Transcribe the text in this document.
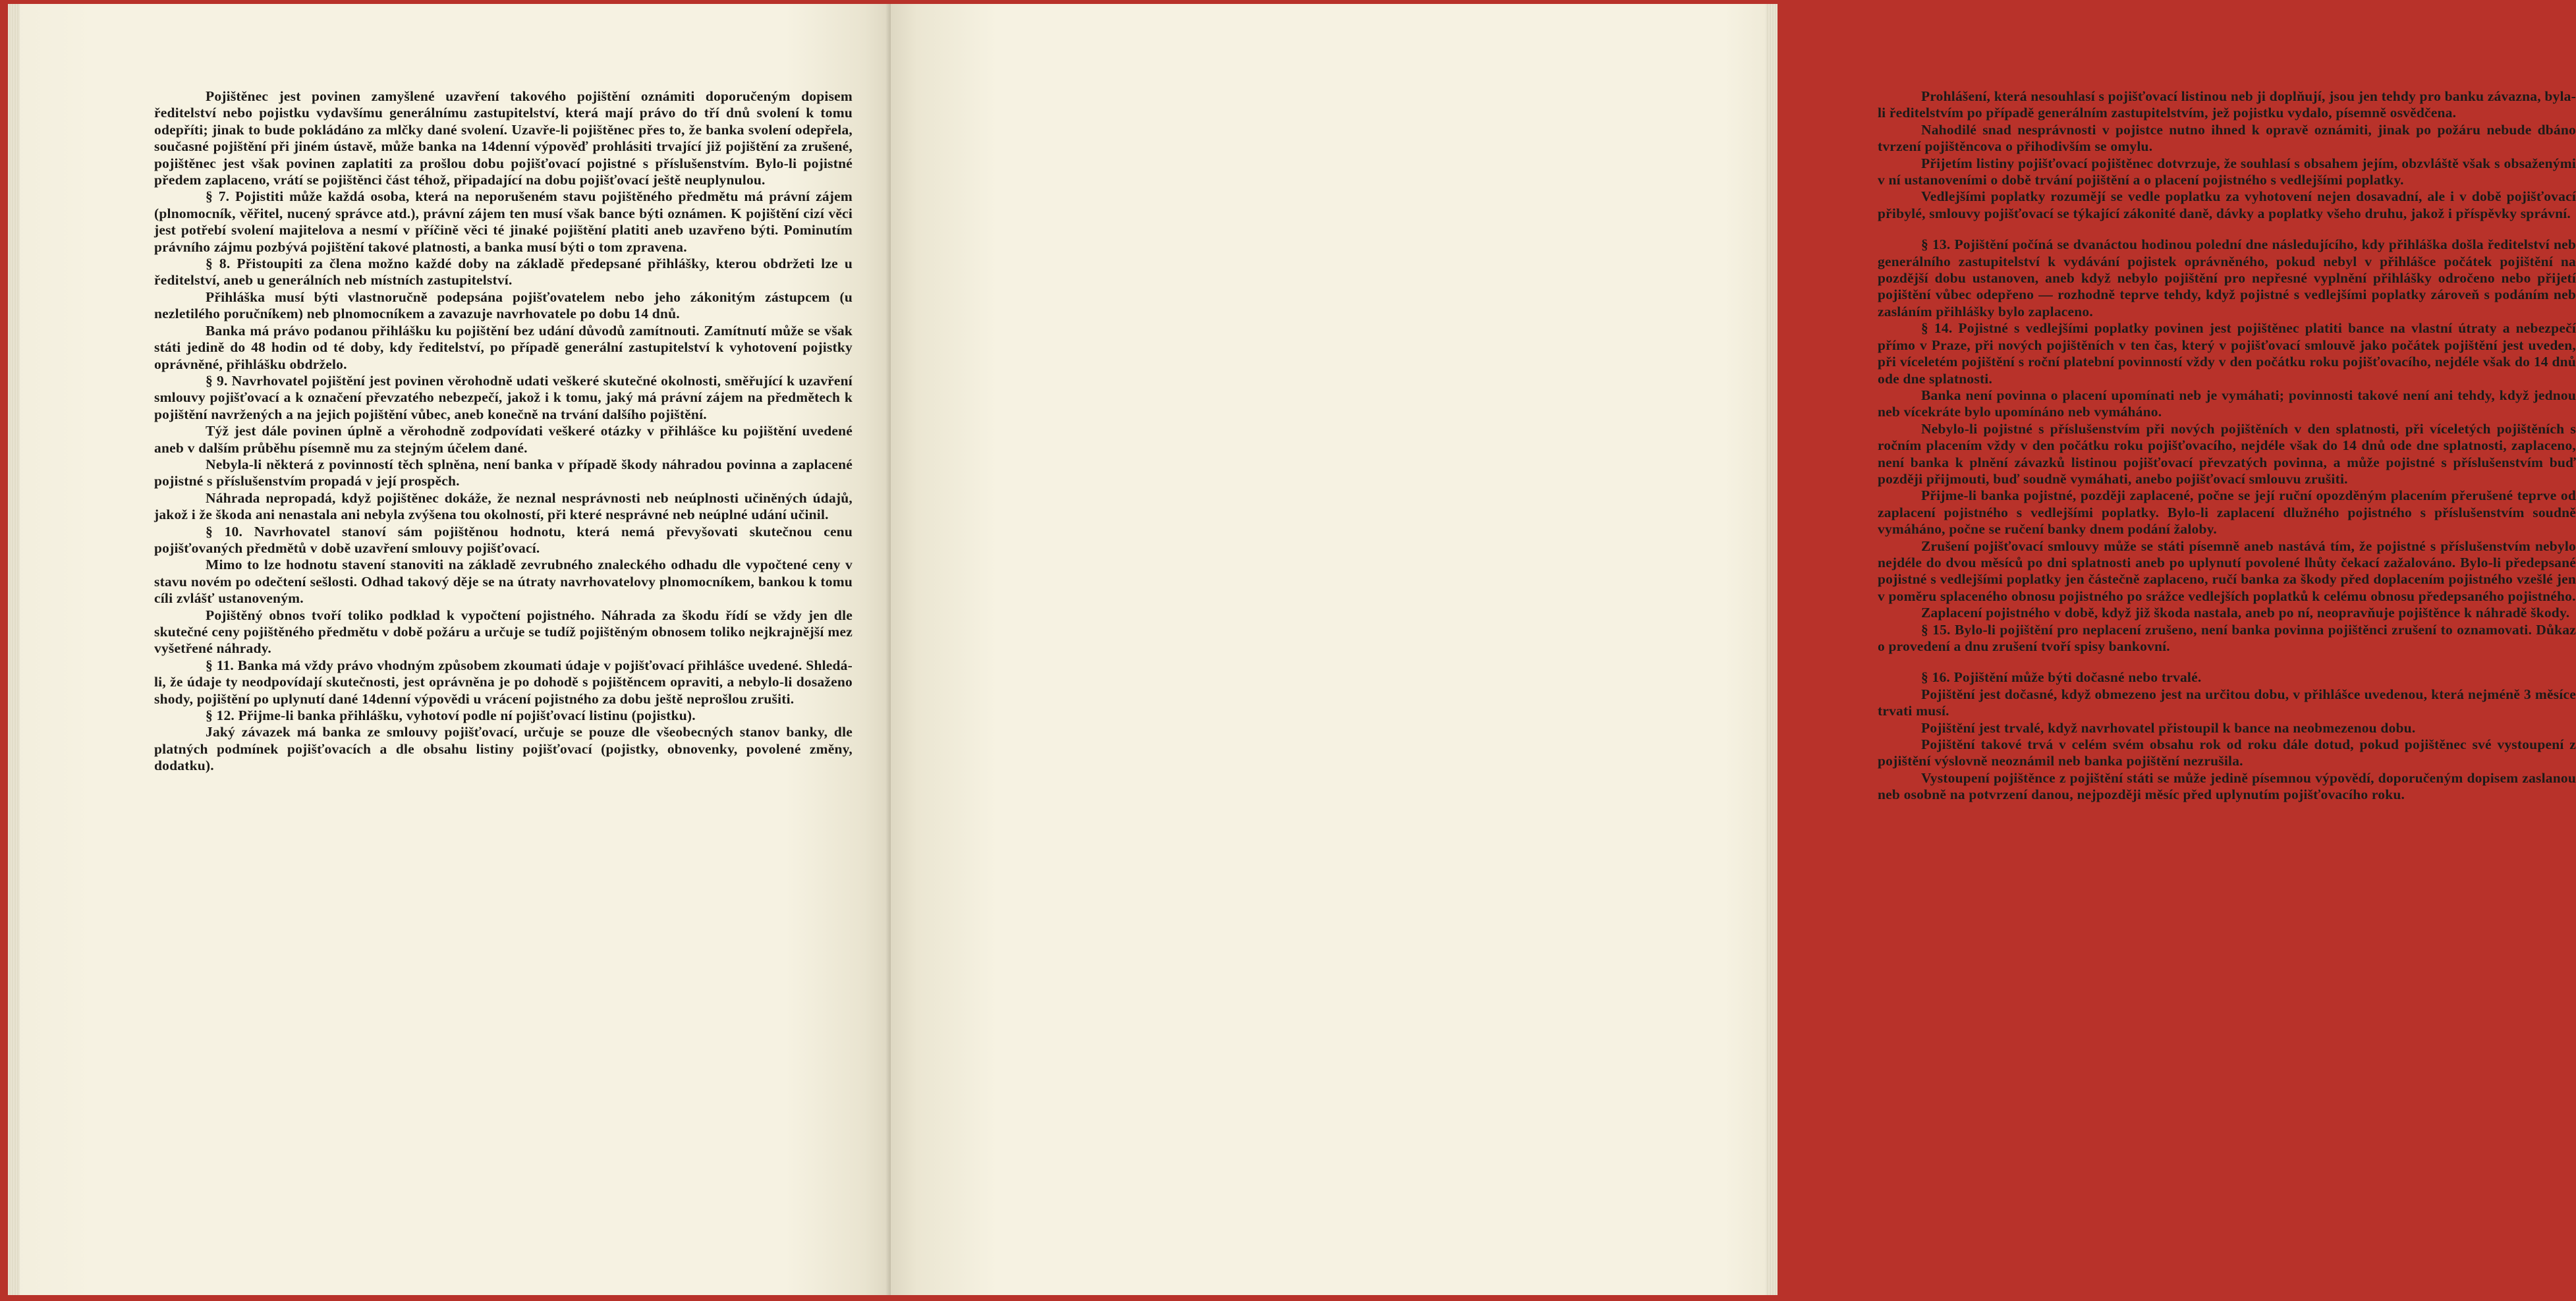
Pojištěnec jest povinen zamyšlené uzavření takového pojištění oznámiti doporučeným dopisem ředitelství nebo pojistku vydavšímu generálnímu zastupitelství, která mají právo do tří dnů svolení k tomu odepříti; jinak to bude pokládáno za mlčky dané svolení. Uzavře-li pojištěnec přes to, že banka svolení odepřela, současné pojištění při jiném ústavě, může banka na 14denní výpověď prohlásiti trvající již pojištění za zrušené, pojištěnec jest však povinen zaplatiti za prošlou dobu pojišťovací pojistné s příslušenstvím. Bylo-li pojistné předem zaplaceno, vrátí se pojištěnci část téhož, připadající na dobu pojišťovací ještě neuplynulou.

§ 7. Pojistiti může každá osoba, která na neporušeném stavu pojištěného předmětu má právní zájem (plnomocník, věřitel, nucený správce atd.), právní zájem ten musí však bance býti oznámen. K pojištění cizí věci jest potřebí svolení majitelova a nesmí v příčině věci té jinaké pojištění platiti aneb uzavřeno býti. Pominutím právního zájmu pozbývá pojištění takové platnosti, a banka musí býti o tom zpravena.

§ 8. Přistoupiti za člena možno každé doby na základě předepsané přihlášky, kterou obdržeti lze u ředitelství, aneb u generálních neb místních zastupitelství.

Přihláška musí býti vlastnoručně podepsána pojišťovatelem nebo jeho zákonitým zástupcem (u nezletilého poručníkem) neb plnomocníkem a zavazuje navrhovatele po dobu 14 dnů.

Banka má právo podanou přihlášku ku pojištění bez udání důvodů zamítnouti. Zamítnutí může se však státi jedině do 48 hodin od té doby, kdy ředitelství, po případě generální zastupitelství k vyhotovení pojistky oprávněné, přihlášku obdrželo.

§ 9. Navrhovatel pojištění jest povinen věrohodně udati veškeré skutečné okolnosti, směřující k uzavření smlouvy pojišťovací a k označení převzatého nebezpečí, jakož i k tomu, jaký má právní zájem na předmětech k pojištění navržených a na jejich pojištění vůbec, aneb konečně na trvání dalšího pojištění.

Týž jest dále povinen úplně a věrohodně zodpovídati veškeré otázky v přihlášce ku pojištění uvedené aneb v dalším průběhu písemně mu za stejným účelem dané.

Nebyla-li některá z povinností těch splněna, není banka v případě škody náhradou povinna a zaplacené pojistné s příslušenstvím propadá v její prospěch.

Náhrada nepropadá, když pojištěnec dokáže, že neznal nesprávnosti neb neúplnosti učiněných údajů, jakož i že škoda ani nenastala ani nebyla zvýšena tou okolností, při které nesprávné neb neúplné udání učinil.

§ 10. Navrhovatel stanoví sám pojištěnou hodnotu, která nemá převyšovati skutečnou cenu pojišťovaných předmětů v době uzavření smlouvy pojišťovací.

Mimo to lze hodnotu stavení stanoviti na základě zevrubného znaleckého odhadu dle vypočtené ceny v stavu novém po odečtení sešlosti. Odhad takový děje se na útraty navrhovatelovy plnomocníkem, bankou k tomu cíli zvlášť ustanoveným.

Pojištěný obnos tvoří toliko podklad k vypočtení pojistného. Náhrada za škodu řídí se vždy jen dle skutečné ceny pojištěného předmětu v době požáru a určuje se tudíž pojištěným obnosem toliko nejkrajnější mez vyšetřené náhrady.

§ 11. Banka má vždy právo vhodným způsobem zkoumati údaje v pojišťovací přihlášce uvedené. Shledá-li, že údaje ty neodpovídají skutečnosti, jest oprávněna je po dohodě s pojištěncem opraviti, a nebylo-li dosaženo shody, pojištění po uplynutí dané 14denní výpovědi u vrácení pojistného za dobu ještě neprošlou zrušiti.

§ 12. Přijme-li banka přihlášku, vyhotoví podle ní pojišťovací listinu (pojistku).

Jaký závazek má banka ze smlouvy pojišťovací, určuje se pouze dle všeobecných stanov banky, dle platných podmínek pojišťovacích a dle obsahu listiny pojišťovací (pojistky, obnovenky, povolené změny, dodatku).

Prohlášení, která nesouhlasí s pojišťovací listinou neb ji doplňují, jsou jen tehdy pro banku závazna, byla-li ředitelstvím po případě generálním zastupitelstvím, jež pojistku vydalo, písemně osvědčena.

Nahodilé snad nesprávnosti v pojistce nutno ihned k opravě oznámiti, jinak po požáru nebude dbáno tvrzení pojištěncova o přihodivším se omylu.

Přijetím listiny pojišťovací pojištěnec dotvrzuje, že souhlasí s obsahem jejím, obzvláště však s obsaženými v ní ustanoveními o době trvání pojištění a o placení pojistného s vedlejšími poplatky.

Vedlejšími poplatky rozumějí se vedle poplatku za vyhotovení nejen dosavadní, ale i v době pojišťovací přibylé, smlouvy pojišťovací se týkající zákonité daně, dávky a poplatky všeho druhu, jakož i příspěvky správní.

§ 13. Pojištění počíná se dvanáctou hodinou polední dne následujícího, kdy přihláška došla ředitelství neb generálního zastupitelství k vydávání pojistek oprávněného, pokud nebyl v přihlášce počátek pojištění na pozdější dobu ustanoven, aneb když nebylo pojištění pro nepřesné vyplnění přihlášky odročeno nebo přijetí pojištění vůbec odepřeno — rozhodně teprve tehdy, když pojistné s vedlejšími poplatky zároveň s podáním neb zasláním přihlášky bylo zaplaceno.

§ 14. Pojistné s vedlejšími poplatky povinen jest pojištěnec platiti bance na vlastní útraty a nebezpečí přímo v Praze, při nových pojištěních v ten čas, který v pojišťovací smlouvě jako počátek pojištění jest uveden, při víceletém pojištění s roční platební povinností vždy v den počátku roku pojišťovacího, nejdéle však do 14 dnů ode dne splatnosti.

Banka není povinna o placení upomínati neb je vymáhati; povinnosti takové není ani tehdy, když jednou neb vícekráte bylo upomínáno neb vymáháno.

Nebylo-li pojistné s příslušenstvím při nových pojištěních v den splatnosti, při víceletých pojištěních s ročním placením vždy v den počátku roku pojišťovacího, nejdéle však do 14 dnů ode dne splatnosti, zaplaceno, není banka k plnění závazků listinou pojišťovací převzatých povinna, a může pojistné s příslušenstvím buď později přijmouti, buď soudně vymáhati, anebo pojišťovací smlouvu zrušiti.

Přijme-li banka pojistné, později zaplacené, počne se její ruční opozděným placením přerušené teprve od zaplacení pojistného s vedlejšími poplatky. Bylo-li zaplacení dlužného pojistného s příslušenstvím soudně vymáháno, počne se ručení banky dnem podání žaloby.

Zrušení pojišťovací smlouvy může se státi písemně aneb nastává tím, že pojistné s příslušenstvím nebylo nejdéle do dvou měsíců po dni splatnosti aneb po uplynutí povolené lhůty čekací zažalováno. Bylo-li předepsané pojistné s vedlejšími poplatky jen částečně zaplaceno, ručí banka za škody před doplacením pojistného vzešlé jen v poměru splaceného obnosu pojistného po srážce vedlejších poplatků k celému obnosu předepsaného pojistného.

Zaplacení pojistného v době, když již škoda nastala, aneb po ní, neopravňuje pojištěnce k náhradě škody.

§ 15. Bylo-li pojištění pro neplacení zrušeno, není banka povinna pojištěnci zrušení to oznamovati. Důkaz o provedení a dnu zrušení tvoří spisy bankovní.

§ 16. Pojištění může býti dočasné nebo trvalé.

Pojištění jest dočasné, když obmezeno jest na určitou dobu, v přihlášce uvedenou, která nejméně 3 měsíce trvati musí.

Pojištění jest trvalé, když navrhovatel přistoupil k bance na neobmezenou dobu.

Pojištění takové trvá v celém svém obsahu rok od roku dále dotud, pokud pojištěnec své vystoupení z pojištění výslovně neoznámil neb banka pojištění nezrušila.

Vystoupení pojištěnce z pojištění státi se může jedině písemnou výpovědí, doporučeným dopisem zaslanou neb osobně na potvrzení danou, nejpozději měsíc před uplynutím pojišťovacího roku.
